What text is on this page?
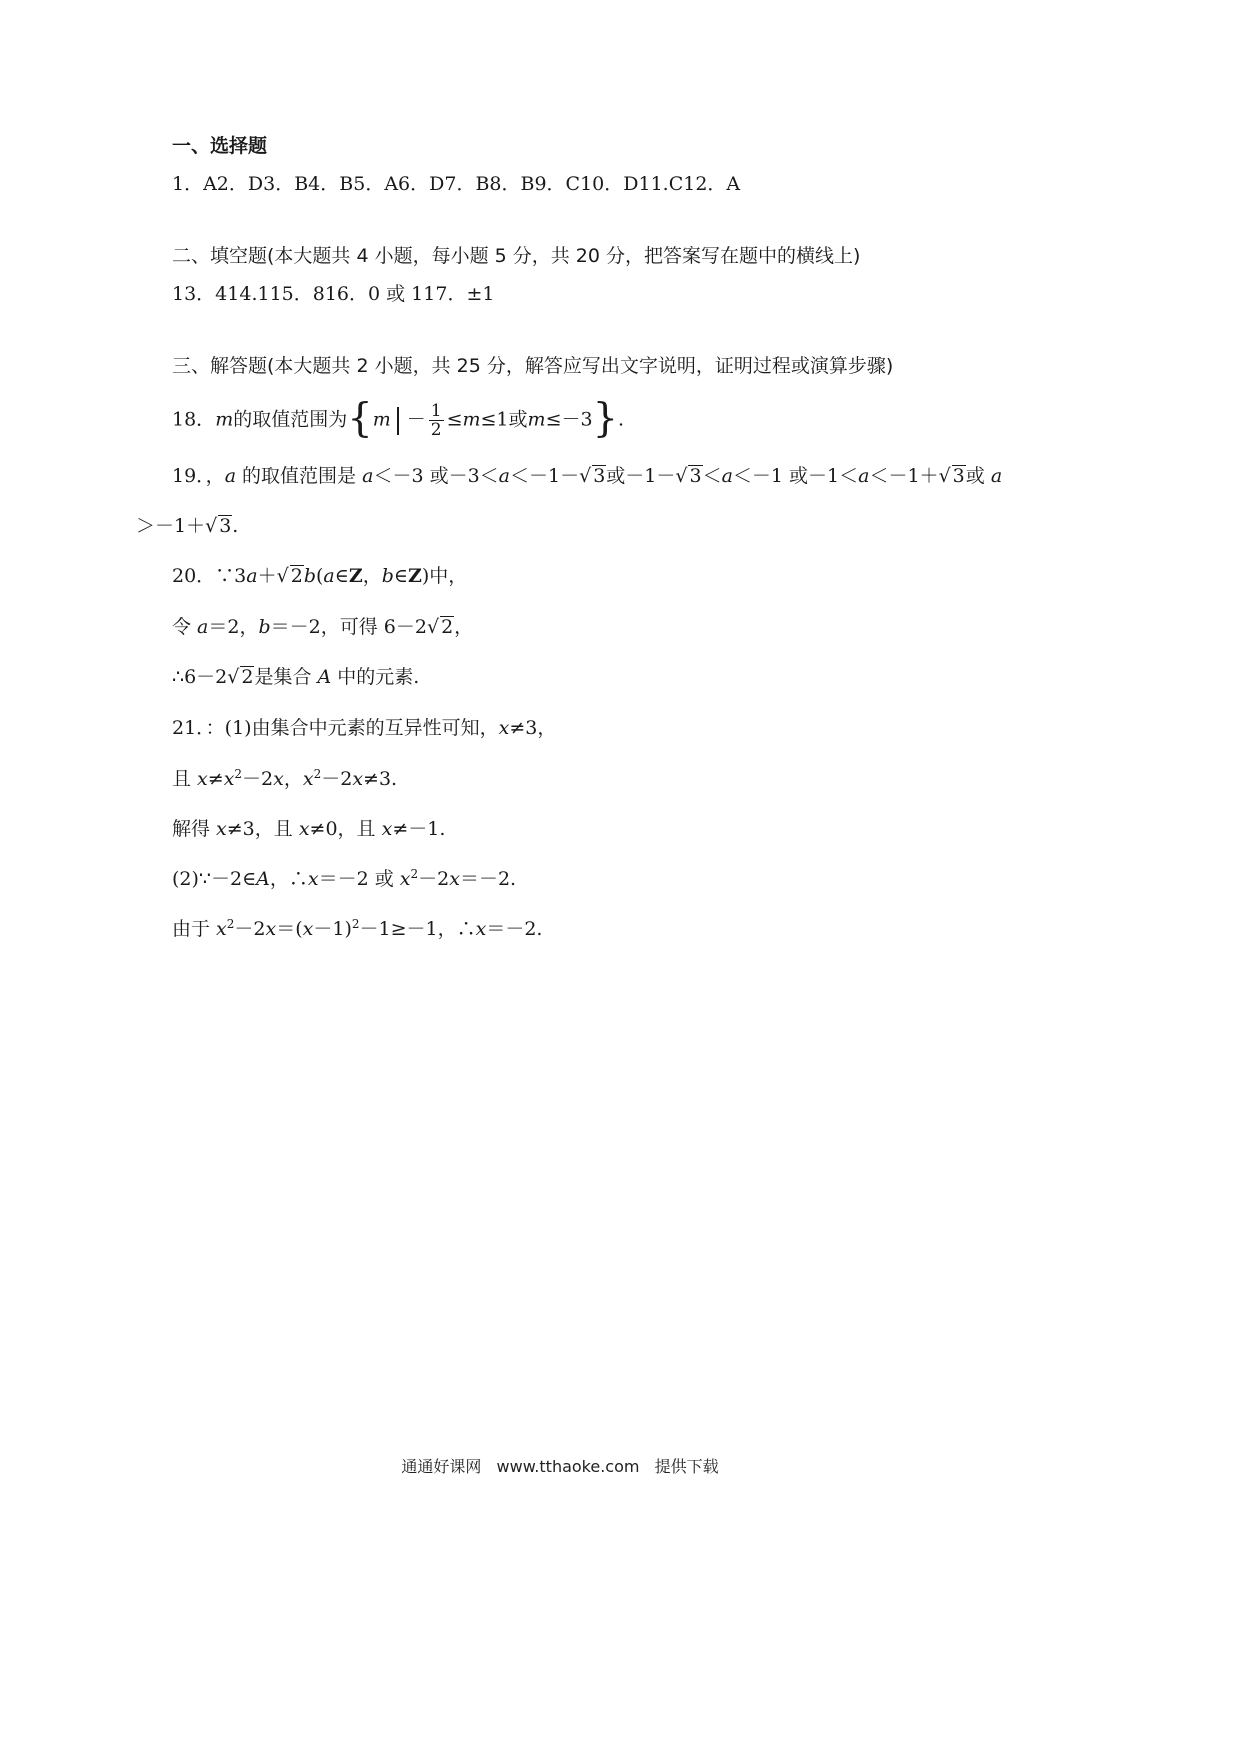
一、选择题

1．A2．D3．B4．B5．A6．D7．B8．B9．C10．D11.C12．A

二、填空题(本大题共 4 小题，每小题 5 分，共 20 分，把答案写在题中的横线上)

13．414.115．816．0 或 117．±1

三、解答题(本大题共 2 小题，共 25 分，解答应写出文字说明，证明过程或演算步骤)

18．m的取值范围为{$m - \frac{1}{2} \le m\le 1$或m≤－3}.

19．，a 的取值范围是 a＜－3 或－3＜a＜－1－√ 3或－1－√ 3＜a＜－1 或－1＜a＜－1＋√ 3或 a

＞－1＋√ 3.

20．∵3a＋√ 2b(a∈Z，b∈Z)中，

令 a＝2，b＝－2，可得 6－2√ 2，

∴6－2√ 2是集合 A 中的元素.

21．：(1)由集合中元素的互异性可知，x≠3，

且 $x\ne x^2-2x$，$x^2-2x\ne 3$.

解得 x≠3，且 x≠0，且 x≠－1.

(2)∵－2∈A，∴x＝－2 或 $x^2-2x=-2$.

由于 $x^2-2x=(x-1)^2-1\ge-1$，∴x＝－2.

通通好课网 www.tthaoke.com 提供下载
